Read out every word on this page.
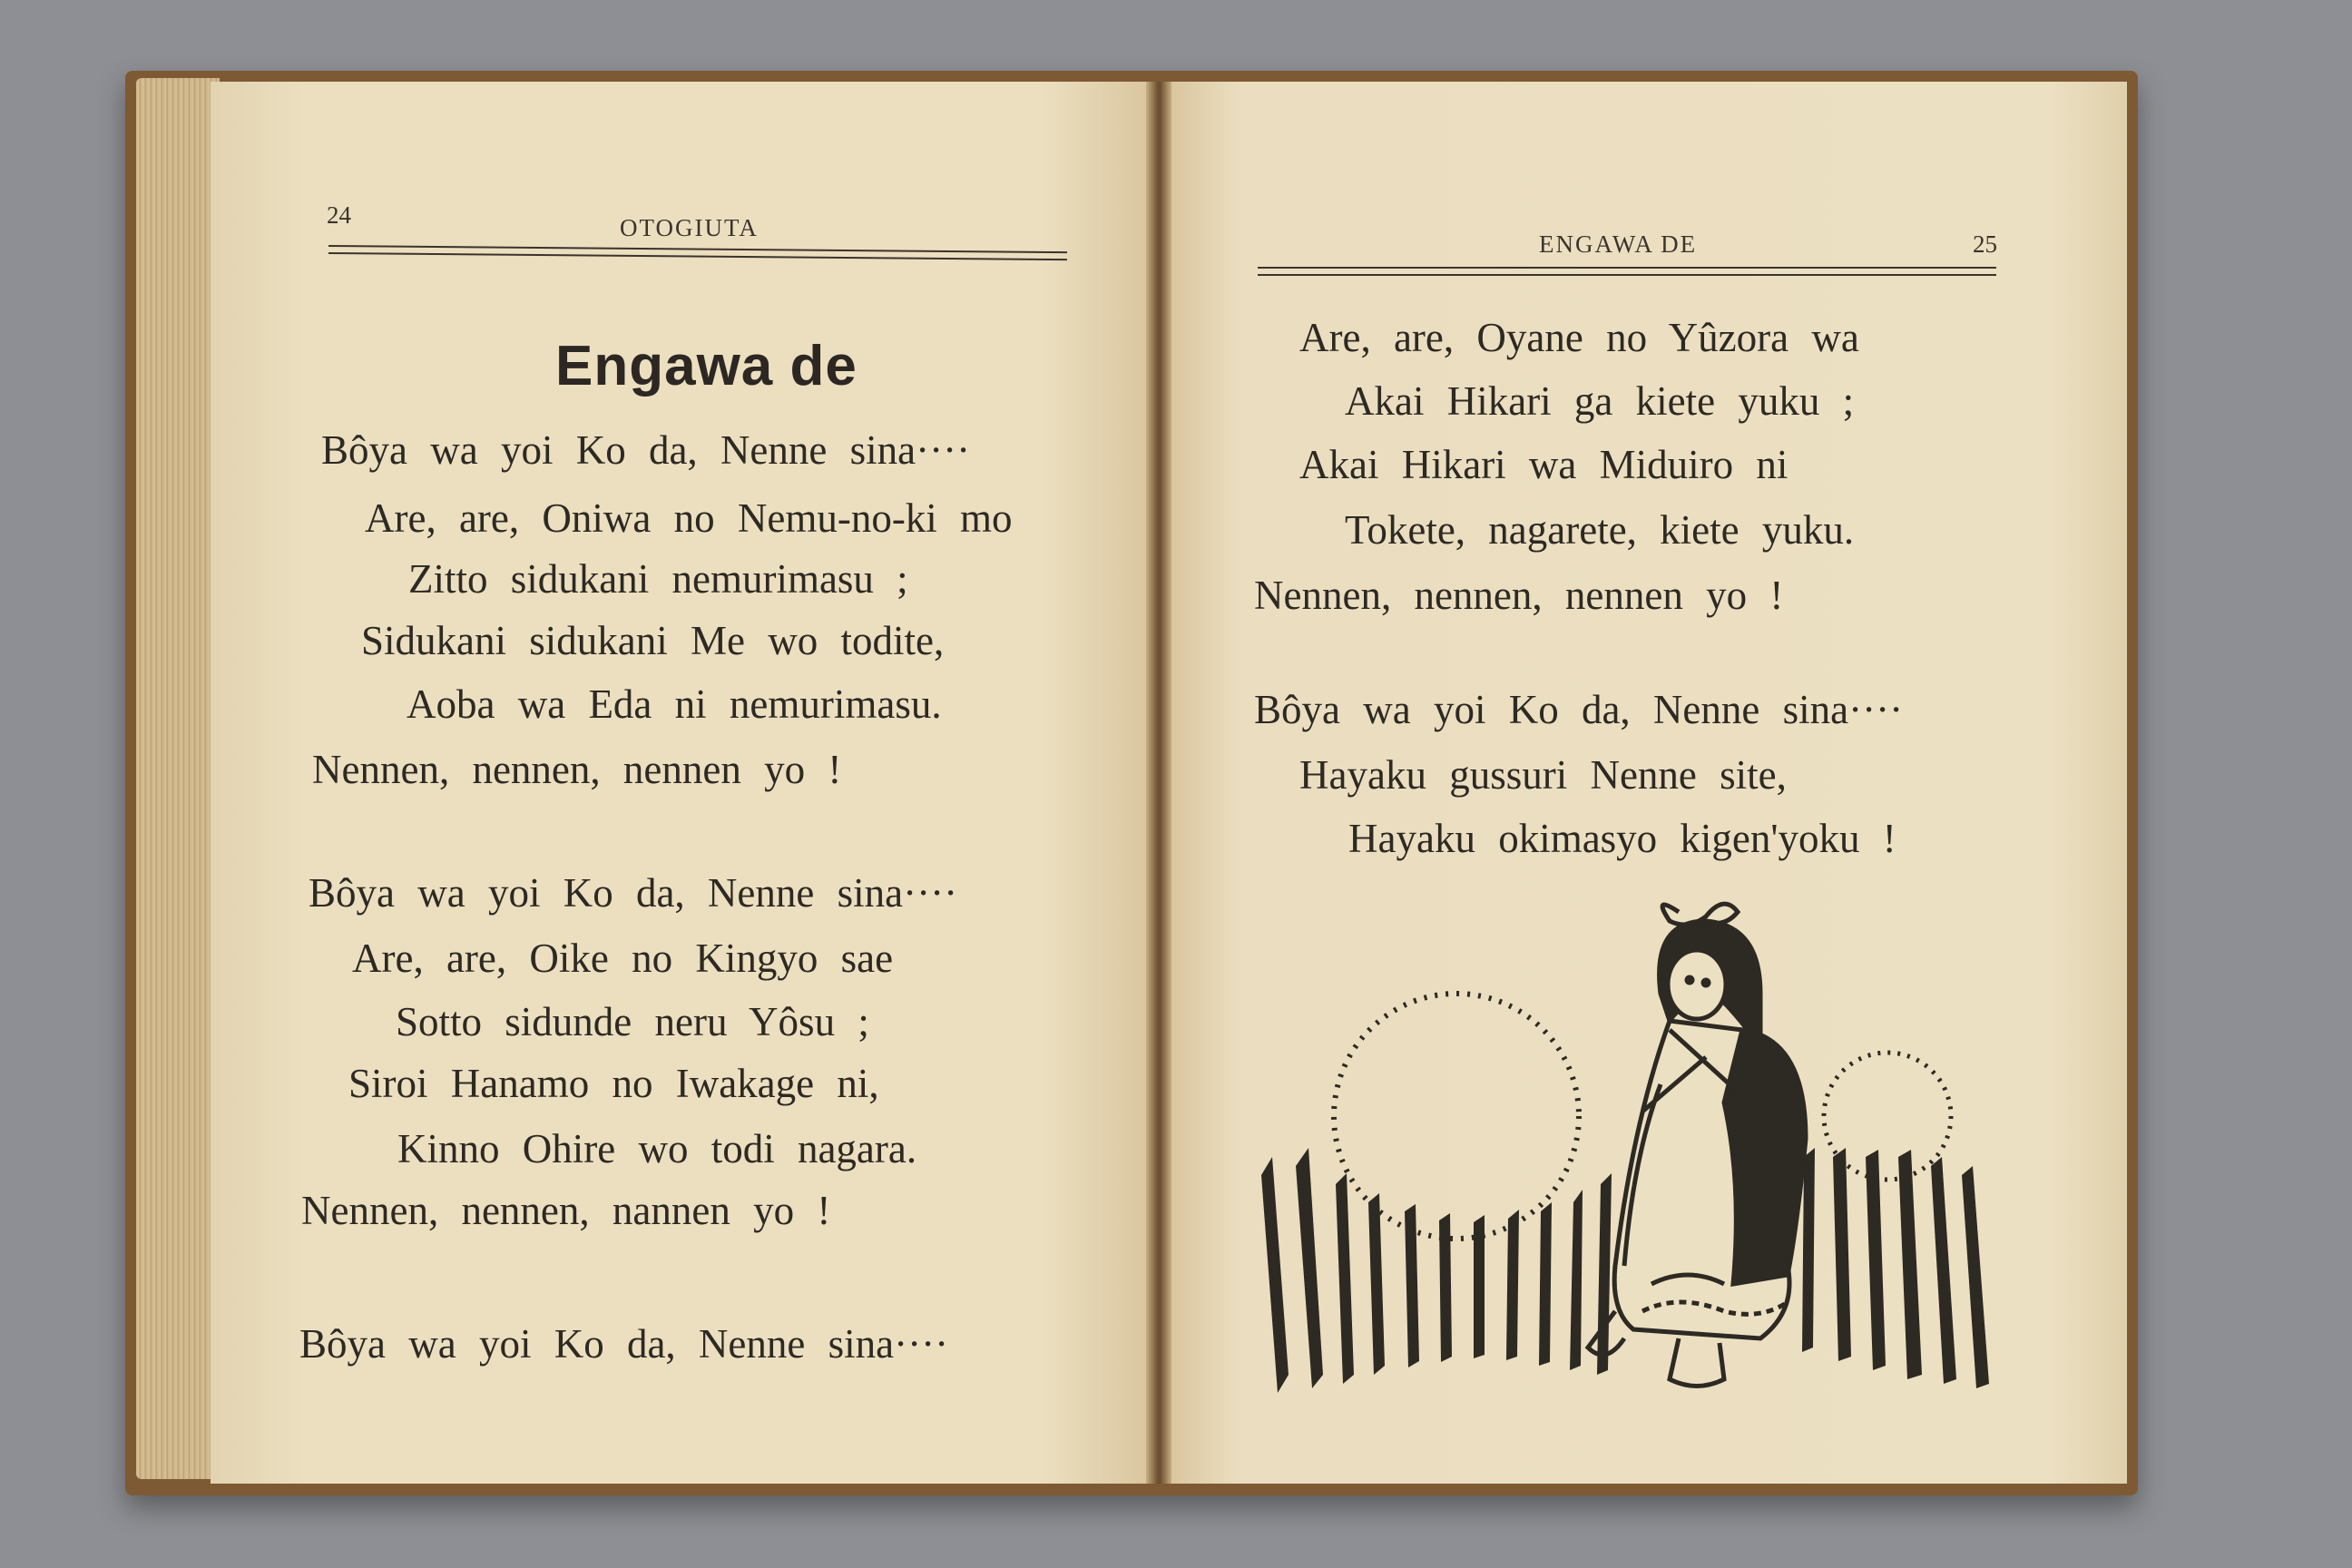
24	OTOGIUTA
Engawa de
Bôya wa yoi Ko da, Nenne sina····
Are, are, Oniwa no Nemu-no-ki mo
Zitto sidukani nemurimasu ;
Sidukani sidukani Me wo todite,
Aoba wa Eda ni nemurimasu.
Nennen, nennen, nennen yo !
Bôya wa yoi Ko da, Nenne sina····
Are, are, Oike no Kingyo sae
Sotto sidunde neru Yôsu ;
Siroi Hanamo no Iwakage ni,
Kinno Ohire wo todi nagara.
Nennen, nennen, nannen yo !
Bôya wa yoi Ko da, Nenne sina····
ENGAWA DE	25
Are, are, Oyane no Yûzora wa
Akai Hikari ga kiete yuku ;
Akai Hikari wa Miduiro ni
Tokete, nagarete, kiete yuku.
Nennen, nennen, nennen yo !
Bôya wa yoi Ko da, Nenne sina····
Hayaku gussuri Nenne site,
Hayaku okimasyo kigen'yoku !
